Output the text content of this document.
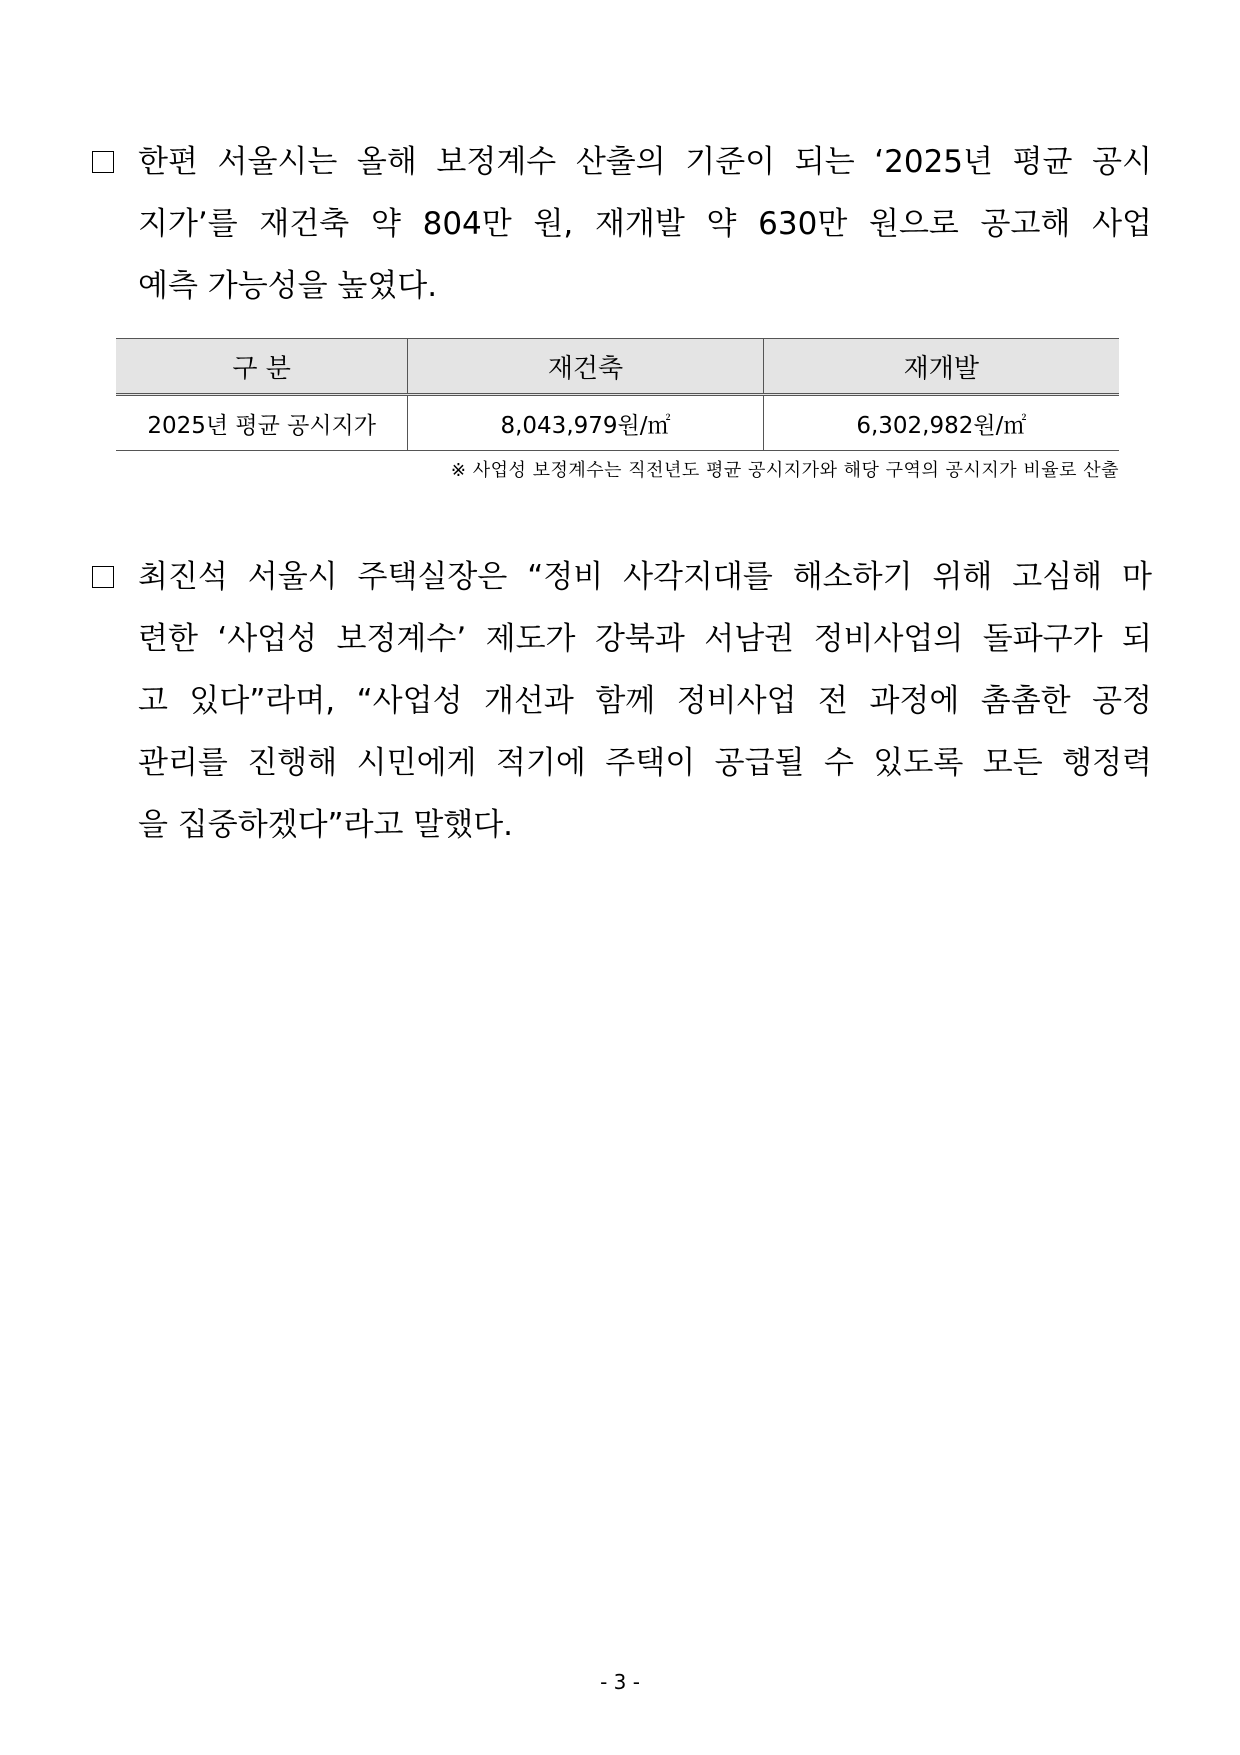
한편 서울시는 올해 보정계수 산출의 기준이 되는 ‘2025년 평균 공시
지가’를 재건축 약 804만 원, 재개발 약 630만 원으로 공고해 사업
예측 가능성을 높였다.
구 분	재건축	재개발
2025년 평균 공시지가	8,043,979원/㎡	6,302,982원/㎡
※ 사업성 보정계수는 직전년도 평균 공시지가와 해당 구역의 공시지가 비율로 산출
최진석 서울시 주택실장은 “정비 사각지대를 해소하기 위해 고심해 마
련한 ‘사업성 보정계수’ 제도가 강북과 서남권 정비사업의 돌파구가 되
고 있다”라며, “사업성 개선과 함께 정비사업 전 과정에 촘촘한 공정
관리를 진행해 시민에게 적기에 주택이 공급될 수 있도록 모든 행정력
을 집중하겠다”라고 말했다.
- 3 -
